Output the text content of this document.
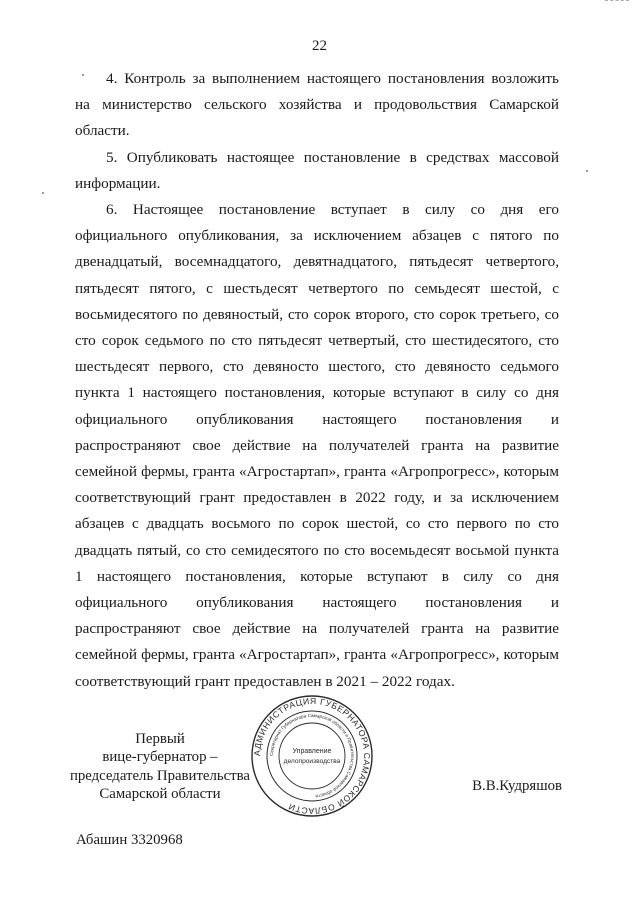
22

4. Контроль за выполнением настоящего постановления возложить на министерство сельского хозяйства и продовольствия Самарской области.

5. Опубликовать настоящее постановление в средствах массовой информации.

6. Настоящее постановление вступает в силу со дня его официального опубликования, за исключением абзацев с пятого по двенадцатый, восемнадцатого, девятнадцатого, пятьдесят четвертого, пятьдесят пятого, с шестьдесят четвертого по семьдесят шестой, с восьмидесятого по девяностый, сто сорок второго, сто сорок третьего, со сто сорок седьмого по сто пятьдесят четвертый, сто шестидесятого, сто шестьдесят первого, сто девяносто шестого, сто девяносто седьмого пункта 1 настоящего постановления, которые вступают в силу со дня официального опубликования настоящего постановления и распространяют свое действие на получателей гранта на развитие семейной фермы, гранта «Агростартап», гранта «Агропрогресс», которым соответствующий грант предоставлен в 2022 году, и за исключением абзацев с двадцать восьмого по сорок шестой, со сто первого по сто двадцать пятый, со сто семидесятого по сто восемьдесят восьмой пункта 1 настоящего постановления, которые вступают в силу со дня официального опубликования настоящего постановления и распространяют свое действие на получателей гранта на развитие семейной фермы, гранта «Агростартап», гранта «Агропрогресс», которым соответствующий грант предоставлен в 2021 – 2022 годах.

Первый
вице-губернатор –
председатель Правительства
Самарской области
АДМИНИСТРАЦИЯ ГУБЕРНАТОРА САМАРСКОЙ ОБЛАСТИ
Секретариат Губернатора Самарской области и Правительства Самарской области
Управление
делопроизводства
В.В.Кудряшов
Абашин 3320968
